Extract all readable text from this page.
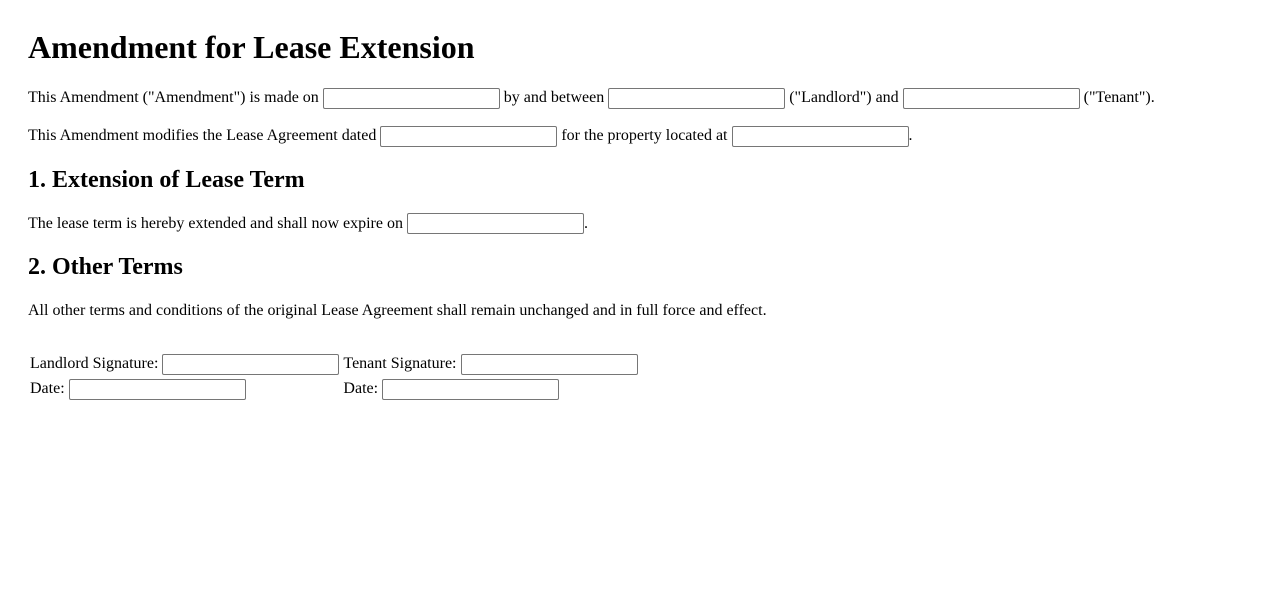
Amendment for Lease Extension

This Amendment ("Amendment") is made on	by and between	("Landlord") and	("Tenant").

This Amendment modifies the Lease Agreement dated	for the property located at	.

1. Extension of Lease Term

The lease term is hereby extended and shall now expire on	.

2. Other Terms

All other terms and conditions of the original Lease Agreement shall remain unchanged and in full force and effect.

Landlord Signature:	Tenant Signature:
Date:	Date:
